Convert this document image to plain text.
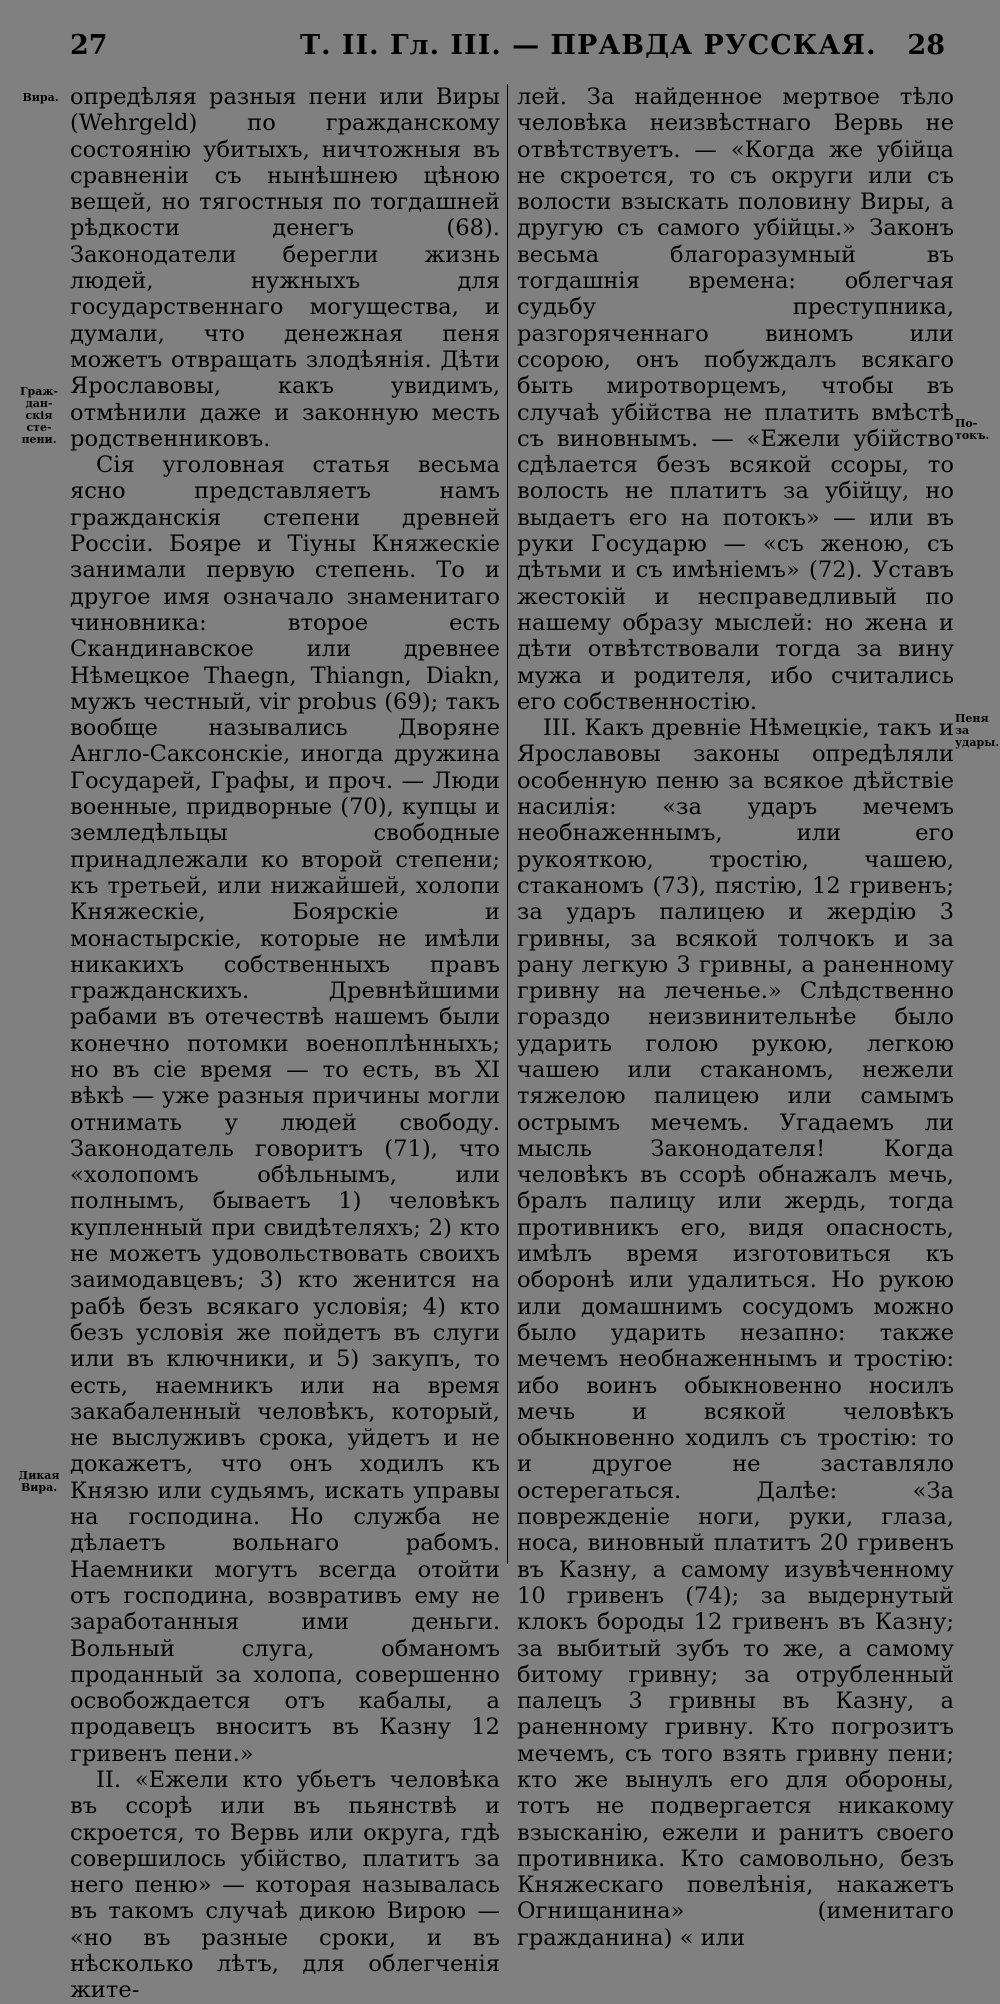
27	Т. II. Гл. III. — ПРАВДА РУССКАЯ. 28
Вира.
Граж-дан-скія сте-пени.
Дикая Вира.
По-токъ.
Пеня за удары.

опредѣляя разныя пени или Виры (Wehrgeld) по гражданскому состоянію убитыхъ, ничтожныя въ сравненіи съ нынѣшнею цѣною вещей, но тягостныя по тогдашней рѣдкости денегъ (68). Законодатели берегли жизнь людей, нужныхъ для государственнаго могущества, и думали, что денежная пеня можетъ отвращать злодѣянія. Дѣти Ярославовы, какъ увидимъ, отмѣнили даже и законную месть родственниковъ.

Сія уголовная статья весьма ясно представляетъ намъ гражданскія степени древней Россіи. Бояре и Тіуны Княжескіе занимали первую степень. То и другое имя означало знаменитаго чиновника: второе есть Скандинавское или древнее Нѣмецкое Thaegn, Thiangn, Diakn, мужъ честный, vir probus (69); такъ вообще назывались Дворяне Англо-Саксонскіе, иногда дружина Государей, Графы, и проч. — Люди военные, придворные (70), купцы и земледѣльцы свободные принадлежали ко второй степени; къ третьей, или нижайшей, холопи Княжескіе, Боярскіе и монастырскіе, которые не имѣли никакихъ собственныхъ правъ гражданскихъ. Древнѣйшими рабами въ отечествѣ нашемъ были конечно потомки военоплѣнныхъ; но въ сіе время — то есть, въ XI вѣкѣ — уже разныя причины могли отнимать у людей свободу. Законодатель говоритъ (71), что «холопомъ обѣльнымъ, или полнымъ, бываетъ 1) человѣкъ купленный при свидѣтеляхъ; 2) кто не можетъ удовольствовать своихъ заимодавцевъ; 3) кто женится на рабѣ безъ всякаго условія; 4) кто безъ условія же пойдетъ въ слуги или въ ключники, и 5) закупъ, то есть, наемникъ или на время закабаленный человѣкъ, который, не выслуживъ срока, уйдетъ и не докажетъ, что онъ ходилъ къ Князю или судьямъ, искать управы на господина. Но служба не дѣлаетъ вольнаго рабомъ. Наемники могутъ всегда отойти отъ господина, возвративъ ему не заработанныя ими деньги. Вольный слуга, обманомъ проданный за холопа, совершенно освобождается отъ кабалы, а продавецъ вноситъ въ Казну 12 гривенъ пени.»

II. «Ежели кто убьетъ человѣка въ ссорѣ или въ пьянствѣ и скроется, то Вервь или округа, гдѣ совершилось убійство, платитъ за него пеню» — которая называлась въ такомъ случаѣ дикою Вирою — «но въ разные сроки, и въ нѣсколько лѣтъ, для облегченія жите-

лей. За найденное мертвое тѣло человѣка неизвѣстнаго Вервь не отвѣтствуетъ. — «Когда же убійца не скроется, то съ округи или съ волости взыскать половину Виры, а другую съ самого убійцы.» Законъ весьма благоразумный въ тогдашнія времена: облегчая судьбу преступника, разгоряченнаго виномъ или ссорою, онъ побуждалъ всякаго быть миротворцемъ, чтобы въ случаѣ убійства не платить вмѣстѣ съ виновнымъ. — «Ежели убійство сдѣлается безъ всякой ссоры, то волость не платитъ за убійцу, но выдаетъ его на потокъ» — или въ руки Государю — «съ женою, съ дѣтьми и съ имѣніемъ» (72). Уставъ жестокій и несправедливый по нашему образу мыслей: но жена и дѣти отвѣтствовали тогда за вину мужа и родителя, ибо считались его собственностію.

III. Какъ древніе Нѣмецкіе, такъ и Ярославовы законы опредѣляли особенную пеню за всякое дѣйствіе насилія: «за ударъ мечемъ необнаженнымъ, или его рукояткою, тростію, чашею, стаканомъ (73), пястію, 12 гривенъ; за ударъ палицею и жердію 3 гривны, за всякой толчокъ и за рану легкую 3 гривны, а раненному гривну на леченье.» Слѣдственно гораздо неизвинительнѣе было ударить голою рукою, легкою чашею или стаканомъ, нежели тяжелою палицею или самымъ острымъ мечемъ. Угадаемъ ли мысль Законодателя! Когда человѣкъ въ ссорѣ обнажалъ мечь, бралъ палицу или жердь, тогда противникъ его, видя опасность, имѣлъ время изготовиться къ оборонѣ или удалиться. Но рукою или домашнимъ сосудомъ можно было ударить незапно: также мечемъ необнаженнымъ и тростію: ибо воинъ обыкновенно носилъ мечь и всякой человѣкъ обыкновенно ходилъ съ тростію: то и другое не заставляло остерегаться. Далѣе: «За поврежденіе ноги, руки, глаза, носа, виновный платитъ 20 гривенъ въ Казну, а самому изувѣченному 10 гривенъ (74); за выдернутый клокъ бороды 12 гривенъ въ Казну; за выбитый зубъ то же, а самому битому гривну; за отрубленный палецъ 3 гривны въ Казну, а раненному гривну. Кто погрозитъ мечемъ, съ того взять гривну пени; кто же вынулъ его для обороны, тотъ не подвергается никакому взысканію, ежели и ранитъ своего противника. Кто самовольно, безъ Княжескаго повелѣнія, накажетъ Огнищанина» (именитаго гражданина) « или
